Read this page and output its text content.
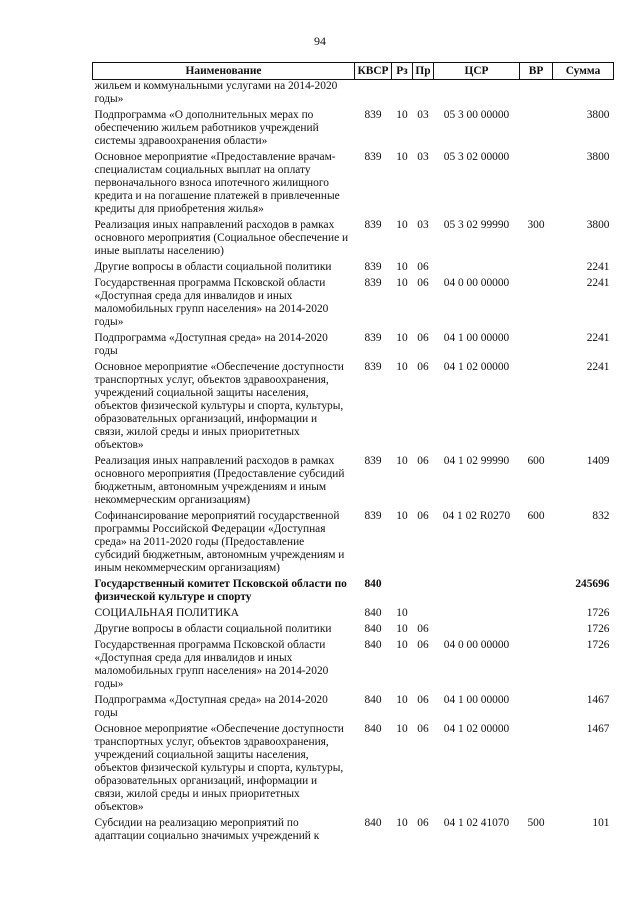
94
Наименование	КВСР	Рз	Пр	ЦСР	ВР	Сумма
жильем и коммунальными услугами на 2014-2020 годы»						
Подпрограмма «О дополнительных мерах по обеспечению жильем работников учреждений системы здравоохранения области»	839	10	03	05 3 00 00000		3800
Основное мероприятие «Предоставление врачам-специалистам социальных выплат на оплату первоначального взноса ипотечного жилищного кредита и на погашение платежей в привлеченные кредиты для приобретения жилья»	839	10	03	05 3 02 00000		3800
Реализация иных направлений расходов в рамках основного мероприятия (Социальное обеспечение и иные выплаты населению)	839	10	03	05 3 02 99990	300	3800
Другие вопросы в области социальной политики	839	10	06			2241
Государственная программа Псковской области «Доступная среда для инвалидов и иных маломобильных групп населения» на 2014-2020 годы»	839	10	06	04 0 00 00000		2241
Подпрограмма «Доступная среда» на 2014-2020 годы	839	10	06	04 1 00 00000		2241
Основное мероприятие «Обеспечение доступности транспортных услуг, объектов здравоохранения, учреждений социальной защиты населения, объектов физической культуры и спорта, культуры, образовательных организаций, информации и связи, жилой среды и иных приоритетных объектов»	839	10	06	04 1 02 00000		2241
Реализация иных направлений расходов в рамках основного мероприятия (Предоставление субсидий бюджетным, автономным учреждениям и иным некоммерческим организациям)	839	10	06	04 1 02 99990	600	1409
Софинансирование мероприятий государственной программы Российской Федерации «Доступная среда» на 2011-2020 годы (Предоставление субсидий бюджетным, автономным учреждениям и иным некоммерческим организациям)	839	10	06	04 1 02 R0270	600	832
Государственный комитет Псковской области по физической культуре и спорту	840					245696
СОЦИАЛЬНАЯ ПОЛИТИКА	840	10				1726
Другие вопросы в области социальной политики	840	10	06			1726
Государственная программа Псковской области «Доступная среда для инвалидов и иных маломобильных групп населения» на 2014-2020 годы»	840	10	06	04 0 00 00000		1726
Подпрограмма «Доступная среда» на 2014-2020 годы	840	10	06	04 1 00 00000		1467
Основное мероприятие «Обеспечение доступности транспортных услуг, объектов здравоохранения, учреждений социальной защиты населения, объектов физической культуры и спорта, культуры, образовательных организаций, информации и связи, жилой среды и иных приоритетных объектов»	840	10	06	04 1 02 00000		1467
Субсидии на реализацию мероприятий по адаптации социально значимых учреждений к	840	10	06	04 1 02 41070	500	101
